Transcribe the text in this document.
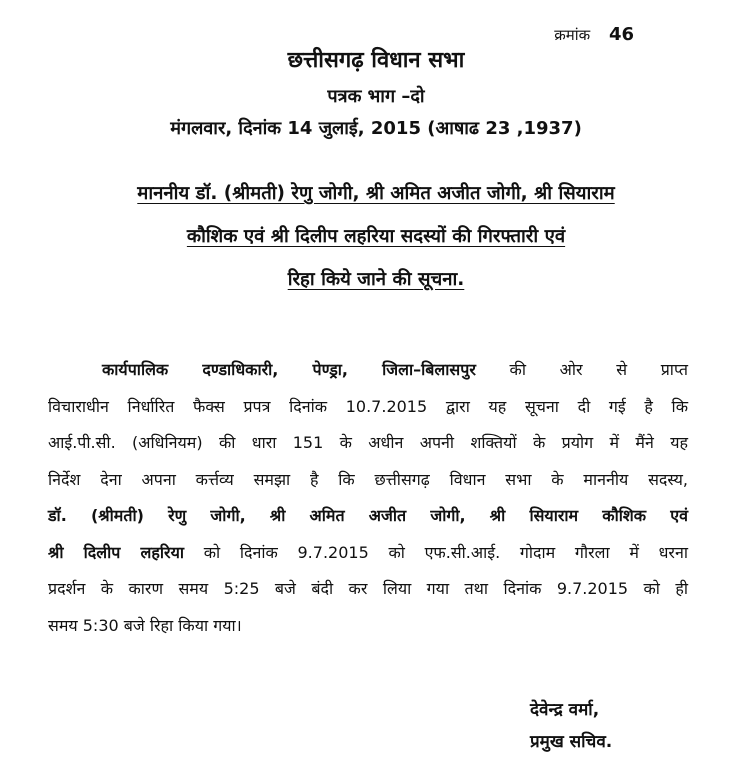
क्रमांक 46
छत्तीसगढ़ विधान सभा
पत्रक भाग –दो
मंगलवार, दिनांक 14 जुलाई, 2015 (आषाढ 23 ,1937)
माननीय डॉ. (श्रीमती) रेणु जोगी, श्री अमित अजीत जोगी, श्री सियाराम
कौशिक एवं श्री दिलीप लहरिया सदस्यों की गिरफ्तारी एवं
रिहा किये जाने की सूचना.
कार्यपालिक दण्डाधिकारी, पेण्ड्रा, जिला–बिलासपुर की ओर से प्राप्त
विचाराधीन निर्धारित फैक्स प्रपत्र दिनांक 10.7.2015 द्वारा यह सूचना दी गई है कि
आई.पी.सी. (अधिनियम) की धारा 151 के अधीन अपनी शक्तियों के प्रयोग में मैंने यह
निर्देश देना अपना कर्त्तव्य समझा है कि छत्तीसगढ़ विधान सभा के माननीय सदस्य,
डॉ. (श्रीमती) रेणु जोगी, श्री अमित अजीत जोगी, श्री सियाराम कौशिक एवं
श्री दिलीप लहरिया को दिनांक 9.7.2015 को एफ.सी.आई. गोदाम गौरला में धरना
प्रदर्शन के कारण समय 5:25 बजे बंदी कर लिया गया तथा दिनांक 9.7.2015 को ही
समय 5:30 बजे रिहा किया गया।
देवेन्द्र वर्मा,
प्रमुख सचिव.
